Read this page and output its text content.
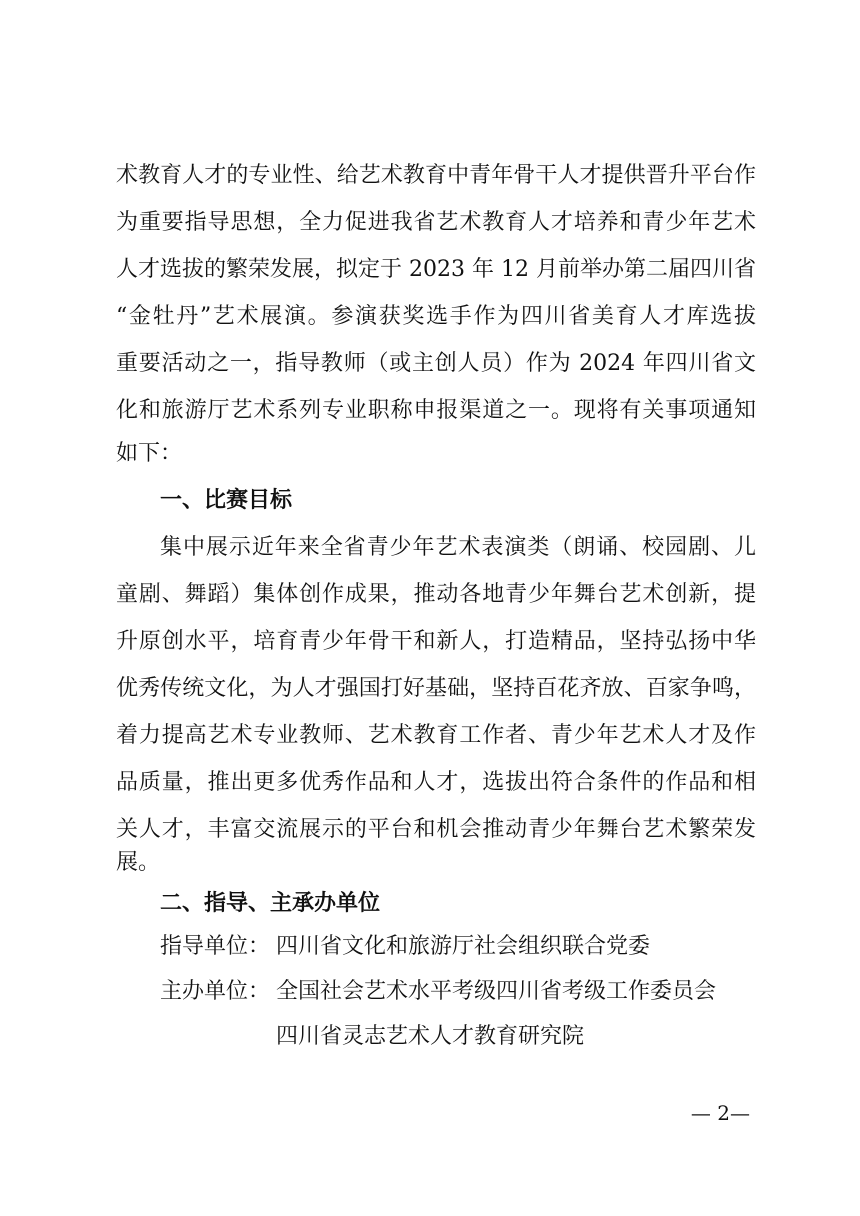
术教育人才的专业性、给艺术教育中青年骨干人才提供晋升平台作
为重要指导思想，全力促进我省艺术教育人才培养和青少年艺术
人才选拔的繁荣发展，拟定于 2023 年 12 月前举办第二届四川省
“金牡丹”艺术展演。参演获奖选手作为四川省美育人才库选拔
重要活动之一，指导教师（或主创人员）作为 2024 年四川省文
化和旅游厅艺术系列专业职称申报渠道之一。现将有关事项通知
如下：
一、比赛目标
集中展示近年来全省青少年艺术表演类（朗诵、校园剧、儿
童剧、舞蹈）集体创作成果，推动各地青少年舞台艺术创新，提
升原创水平，培育青少年骨干和新人，打造精品，坚持弘扬中华
优秀传统文化，为人才强国打好基础，坚持百花齐放、百家争鸣，
着力提高艺术专业教师、艺术教育工作者、青少年艺术人才及作
品质量，推出更多优秀作品和人才，选拔出符合条件的作品和相
关人才，丰富交流展示的平台和机会推动青少年舞台艺术繁荣发
展。
二、指导、主承办单位
指导单位： 四川省文化和旅游厅社会组织联合党委
主办单位： 全国社会艺术水平考级四川省考级工作委员会
四川省灵志艺术人才教育研究院
— 2—
